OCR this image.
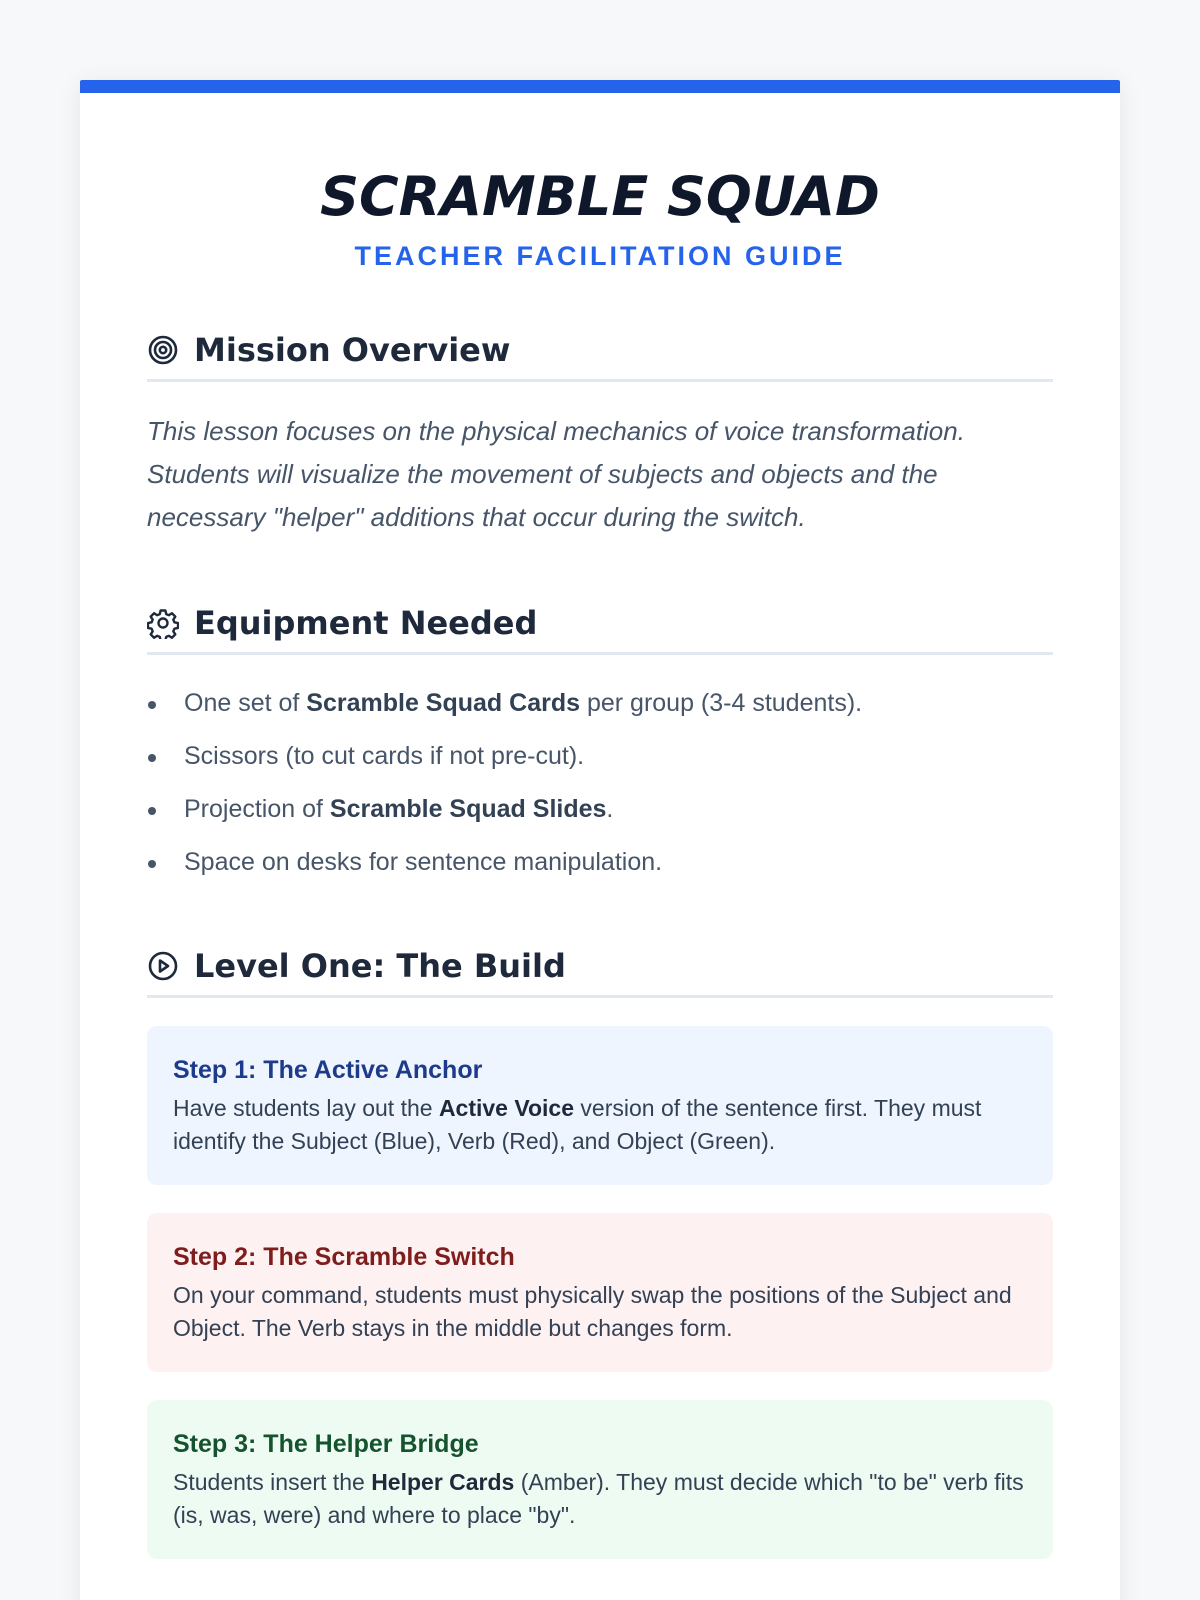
SCRAMBLE SQUAD
TEACHER FACILITATION GUIDE
Mission Overview

This lesson focuses on the physical mechanics of voice transformation. Students will visualize the movement of subjects and objects and the necessary "helper" additions that occur during the switch.

Equipment Needed
One set of Scramble Squad Cards per group (3-4 students).
Scissors (to cut cards if not pre-cut).
Projection of Scramble Squad Slides.
Space on desks for sentence manipulation.
Level One: The Build
Step 1: The Active Anchor
Have students lay out the Active Voice version of the sentence first. They must identify the Subject (Blue), Verb (Red), and Object (Green).
Step 2: The Scramble Switch
On your command, students must physically swap the positions of the Subject and Object. The Verb stays in the middle but changes form.
Step 3: The Helper Bridge
Students insert the Helper Cards (Amber). They must decide which "to be" verb fits (is, was, were) and where to place "by".
